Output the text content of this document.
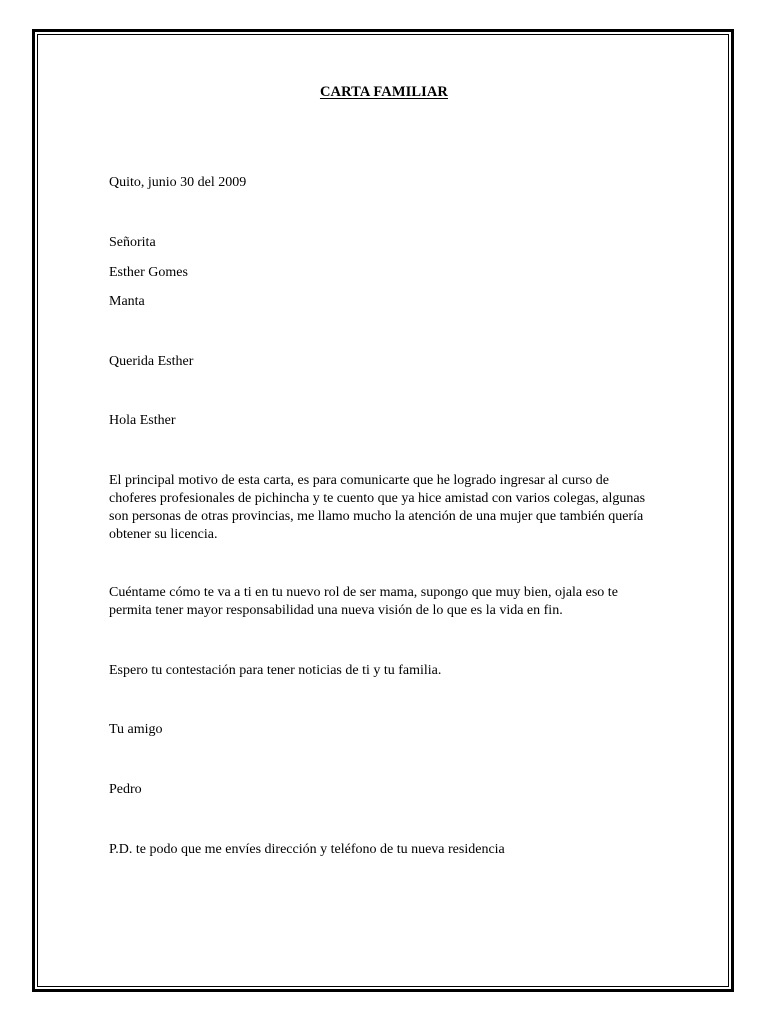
CARTA FAMILIAR
Quito, junio 30 del 2009
Señorita
Esther Gomes
Manta
Querida Esther
Hola Esther
El principal motivo de esta carta, es para comunicarte que he logrado ingresar al curso de
choferes profesionales de pichincha y te cuento que ya hice amistad con varios colegas, algunas
son personas de otras provincias, me llamo mucho la atención de una mujer que también quería
obtener su licencia.
Cuéntame cómo te va a ti en tu nuevo rol de ser mama, supongo que muy bien, ojala eso te
permita tener mayor responsabilidad una nueva visión de lo que es la vida en fin.
Espero tu contestación para tener noticias de ti y tu familia.
Tu amigo
Pedro
P.D. te podo que me envíes dirección y teléfono de tu nueva residencia
